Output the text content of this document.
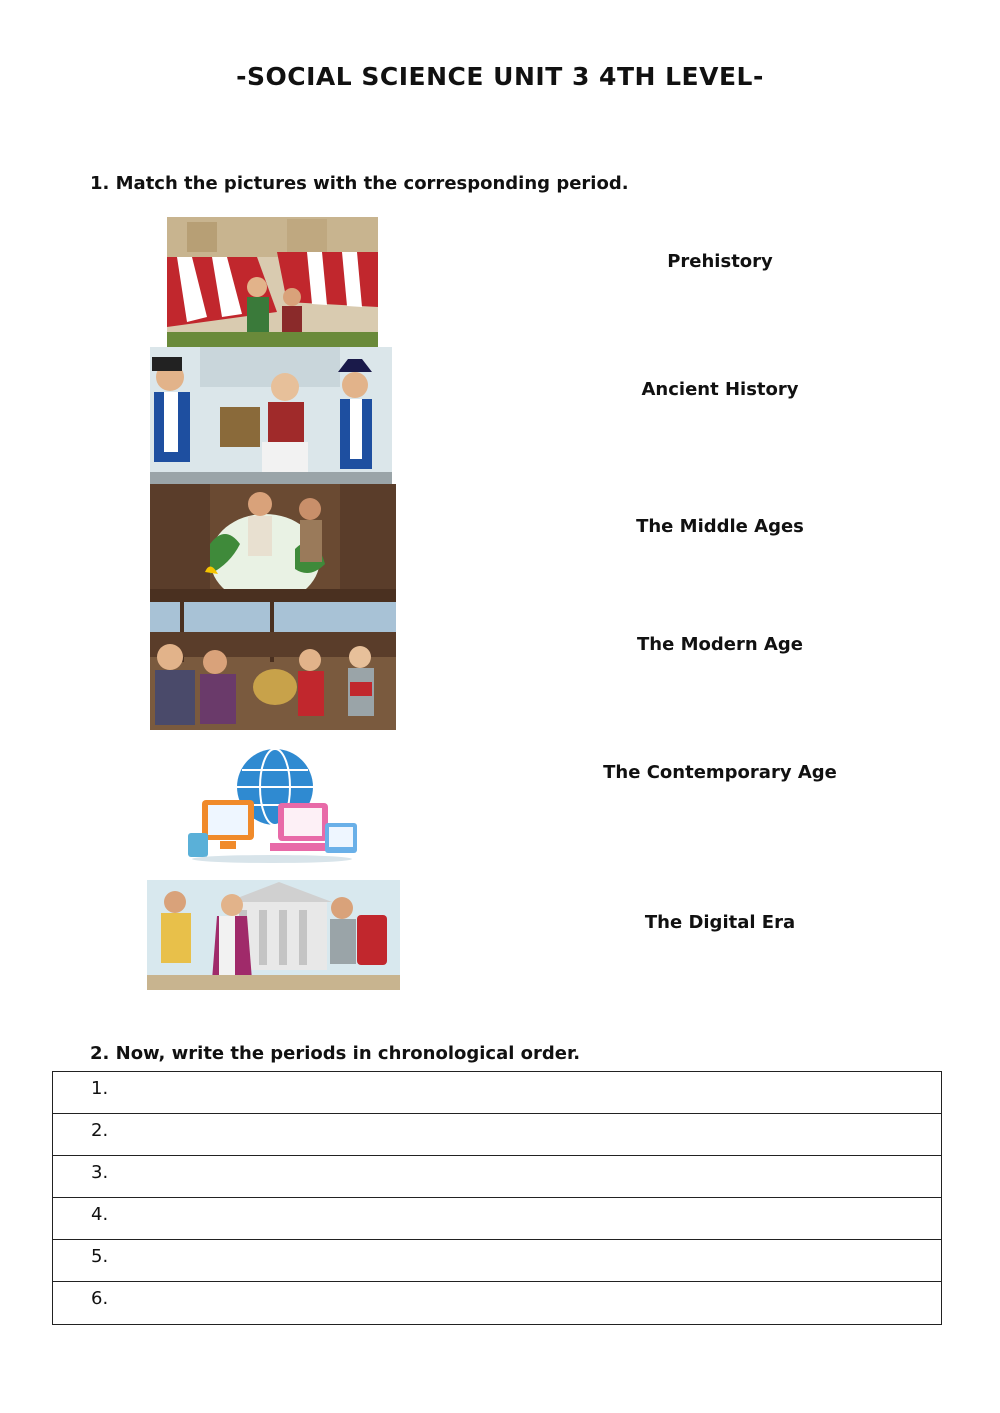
-SOCIAL SCIENCE UNIT 3 4TH LEVEL-
1. Match the pictures with the corresponding period.
Prehistory
Ancient History
The Middle Ages
The Modern Age
The Contemporary Age
The Digital Era
2. Now, write the periods in chronological order.
1.
2.
3.
4.
5.
6.
